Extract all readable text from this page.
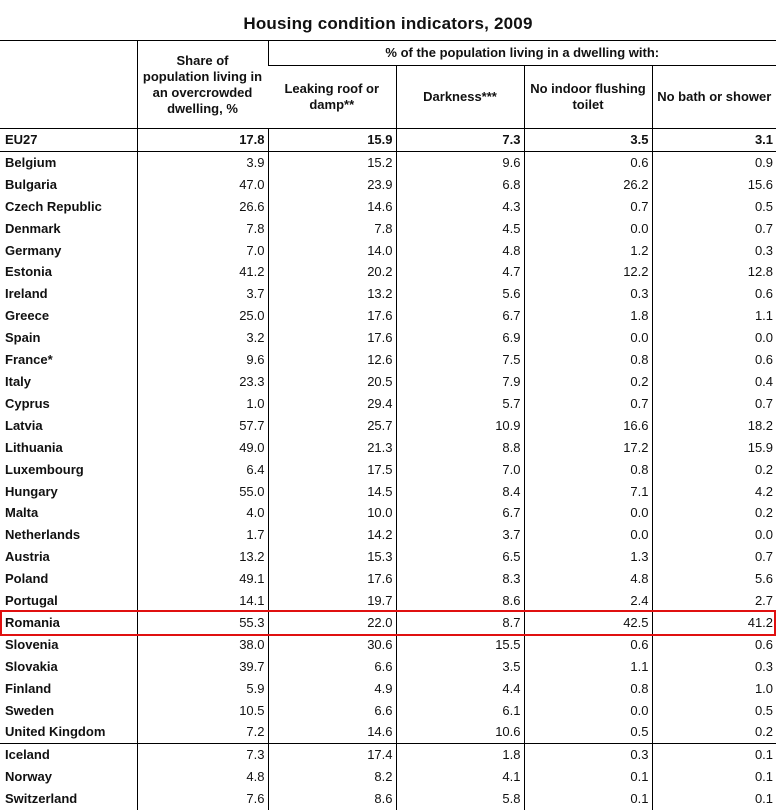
Housing condition indicators, 2009
	Share of population living in an overcrowded dwelling, %	% of the population living in a dwelling with:			
		Leaking roof or damp**	Darkness***	No indoor flushing toilet	No bath or shower
EU27	17.8	15.9	7.3	3.5	3.1
Belgium	3.9	15.2	9.6	0.6	0.9
Bulgaria	47.0	23.9	6.8	26.2	15.6
Czech Republic	26.6	14.6	4.3	0.7	0.5
Denmark	7.8	7.8	4.5	0.0	0.7
Germany	7.0	14.0	4.8	1.2	0.3
Estonia	41.2	20.2	4.7	12.2	12.8
Ireland	3.7	13.2	5.6	0.3	0.6
Greece	25.0	17.6	6.7	1.8	1.1
Spain	3.2	17.6	6.9	0.0	0.0
France*	9.6	12.6	7.5	0.8	0.6
Italy	23.3	20.5	7.9	0.2	0.4
Cyprus	1.0	29.4	5.7	0.7	0.7
Latvia	57.7	25.7	10.9	16.6	18.2
Lithuania	49.0	21.3	8.8	17.2	15.9
Luxembourg	6.4	17.5	7.0	0.8	0.2
Hungary	55.0	14.5	8.4	7.1	4.2
Malta	4.0	10.0	6.7	0.0	0.2
Netherlands	1.7	14.2	3.7	0.0	0.0
Austria	13.2	15.3	6.5	1.3	0.7
Poland	49.1	17.6	8.3	4.8	5.6
Portugal	14.1	19.7	8.6	2.4	2.7
Romania	55.3	22.0	8.7	42.5	41.2
Slovenia	38.0	30.6	15.5	0.6	0.6
Slovakia	39.7	6.6	3.5	1.1	0.3
Finland	5.9	4.9	4.4	0.8	1.0
Sweden	10.5	6.6	6.1	0.0	0.5
United Kingdom	7.2	14.6	10.6	0.5	0.2
Iceland	7.3	17.4	1.8	0.3	0.1
Norway	4.8	8.2	4.1	0.1	0.1
Switzerland	7.6	8.6	5.8	0.1	0.1
